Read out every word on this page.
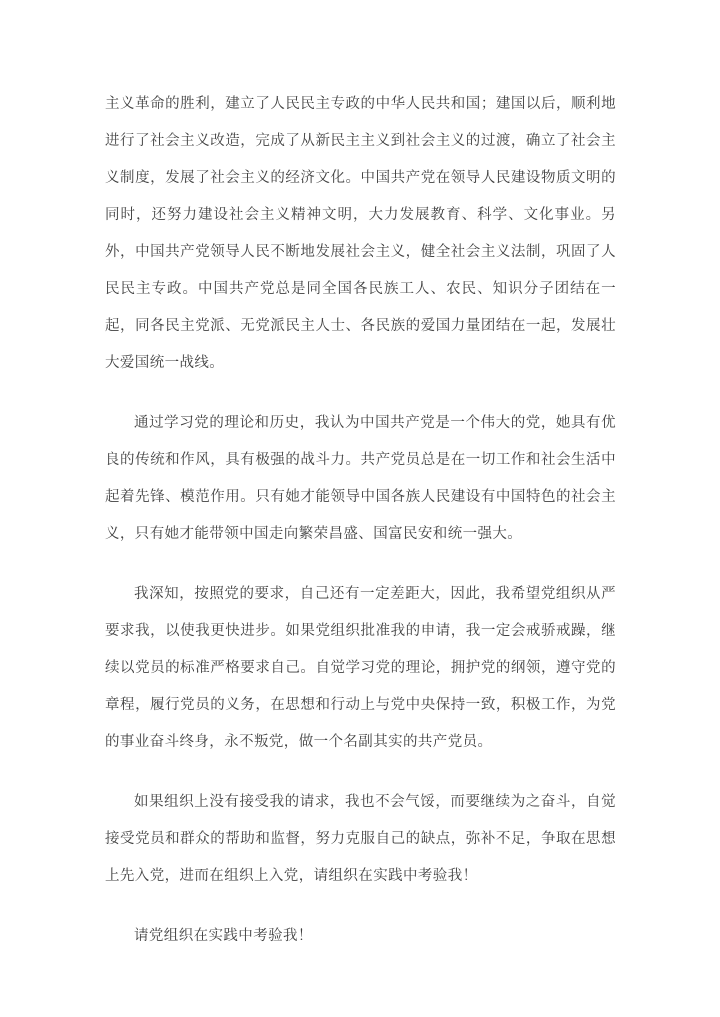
主义革命的胜利，建立了人民民主专政的中华人民共和国；建国以后，顺利地进行了社会主义改造，完成了从新民主主义到社会主义的过渡，确立了社会主义制度，发展了社会主义的经济文化。中国共产党在领导人民建设物质文明的同时，还努力建设社会主义精神文明，大力发展教育、科学、文化事业。另外，中国共产党领导人民不断地发展社会主义，健全社会主义法制，巩固了人民民主专政。中国共产党总是同全国各民族工人、农民、知识分子团结在一起，同各民主党派、无党派民主人士、各民族的爱国力量团结在一起，发展壮大爱国统一战线。

通过学习党的理论和历史，我认为中国共产党是一个伟大的党，她具有优良的传统和作风，具有极强的战斗力。共产党员总是在一切工作和社会生活中起着先锋、模范作用。只有她才能领导中国各族人民建设有中国特色的社会主义，只有她才能带领中国走向繁荣昌盛、国富民安和统一强大。

我深知，按照党的要求，自己还有一定差距大，因此，我希望党组织从严要求我，以使我更快进步。如果党组织批准我的申请，我一定会戒骄戒躁，继续以党员的标准严格要求自己。自觉学习党的理论，拥护党的纲领，遵守党的章程，履行党员的义务，在思想和行动上与党中央保持一致，积极工作，为党的事业奋斗终身，永不叛党，做一个名副其实的共产党员。

如果组织上没有接受我的请求，我也不会气馁，而要继续为之奋斗，自觉接受党员和群众的帮助和监督，努力克服自己的缺点，弥补不足，争取在思想上先入党，进而在组织上入党，请组织在实践中考验我！

请党组织在实践中考验我！
